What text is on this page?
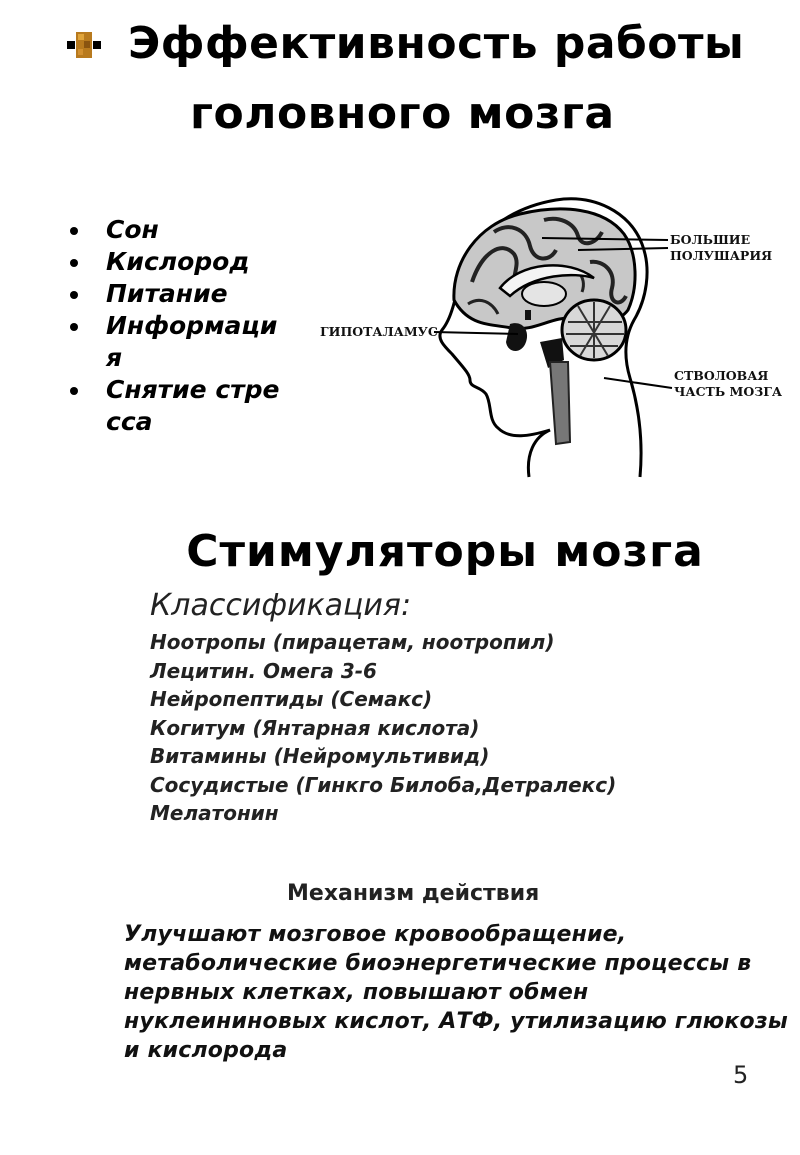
Эффективность работы
головного мозга
Сон
Кислород
Питание
Информация
Снятие стресса
БОЛЬШИЕ
ПОЛУШАРИЯ
ГИПОТАЛАМУС
СТВОЛОВАЯ
ЧАСТЬ МОЗГА
Стимуляторы мозга
Классификация:
Ноотропы (пирацетам, ноотропил)
Лецитин. Омега 3-6
Нейропептиды (Семакс)
Когитум (Янтарная кислота)
Витамины (Нейромультивид)
Сосудистые (Гинкго Билоба,Детралекс)
Мелатонин
Механизм действия
Улучшают мозговое кровообращение, метаболические биоэнергетические процессы в нервных клетках, повышают обмен нуклеининовых кислот, АТФ, утилизацию глюкозы и кислорода
5
